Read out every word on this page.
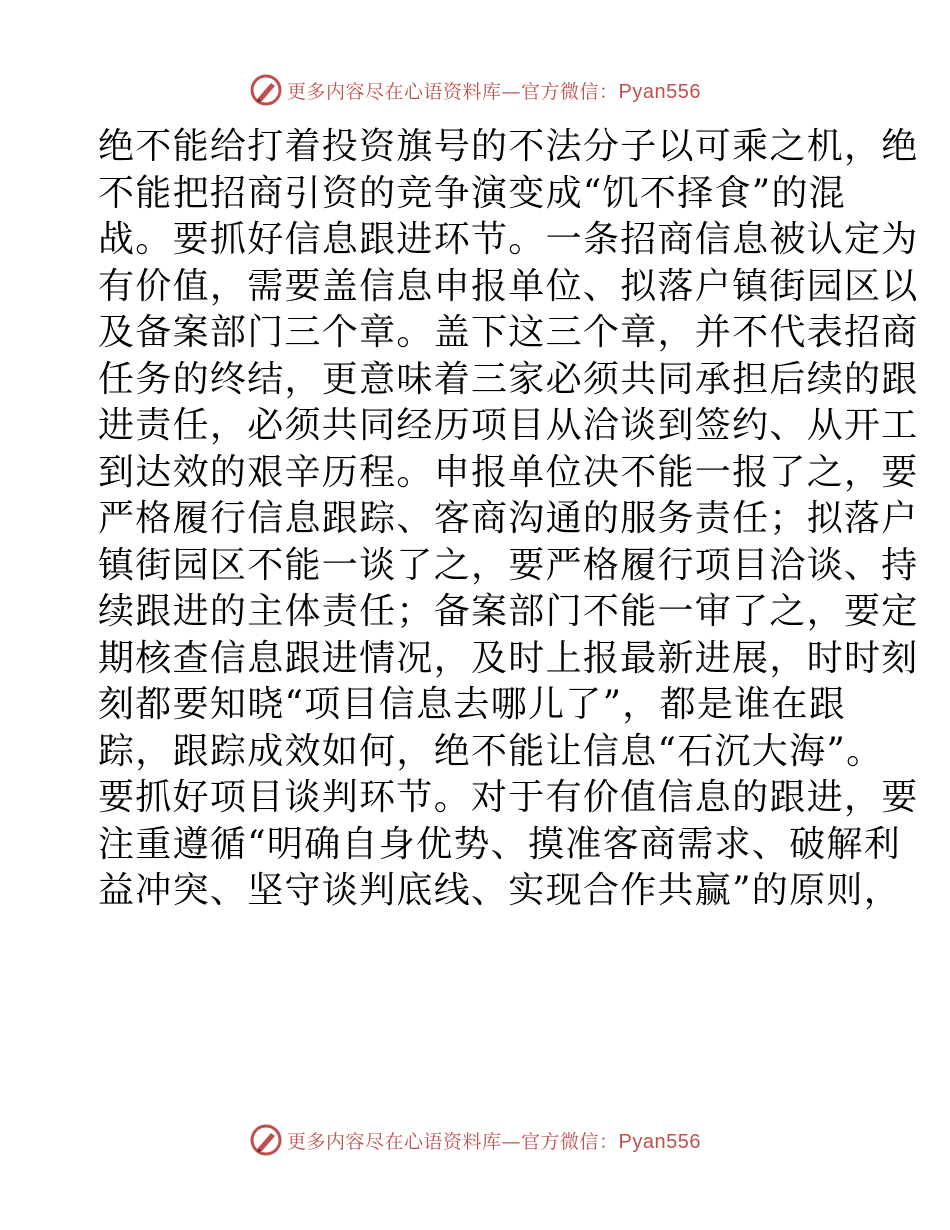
更多内容尽在心语资料库—官方微信：Pyan556
绝不能给打着投资旗号的不法分子以可乘之机，绝
不能把招商引资的竞争演变成“饥不择食”的混
战。要抓好信息跟进环节。一条招商信息被认定为
有价值，需要盖信息申报单位、拟落户镇街园区以
及备案部门三个章。盖下这三个章，并不代表招商
任务的终结，更意味着三家必须共同承担后续的跟
进责任，必须共同经历项目从洽谈到签约、从开工
到达效的艰辛历程。申报单位决不能一报了之，要
严格履行信息跟踪、客商沟通的服务责任；拟落户
镇街园区不能一谈了之，要严格履行项目洽谈、持
续跟进的主体责任；备案部门不能一审了之，要定
期核查信息跟进情况，及时上报最新进展，时时刻
刻都要知晓“项目信息去哪儿了”，都是谁在跟
踪，跟踪成效如何，绝不能让信息“石沉大海”。
要抓好项目谈判环节。对于有价值信息的跟进，要
注重遵循“明确自身优势、摸准客商需求、破解利
益冲突、坚守谈判底线、实现合作共赢”的原则，
更多内容尽在心语资料库—官方微信：Pyan556
